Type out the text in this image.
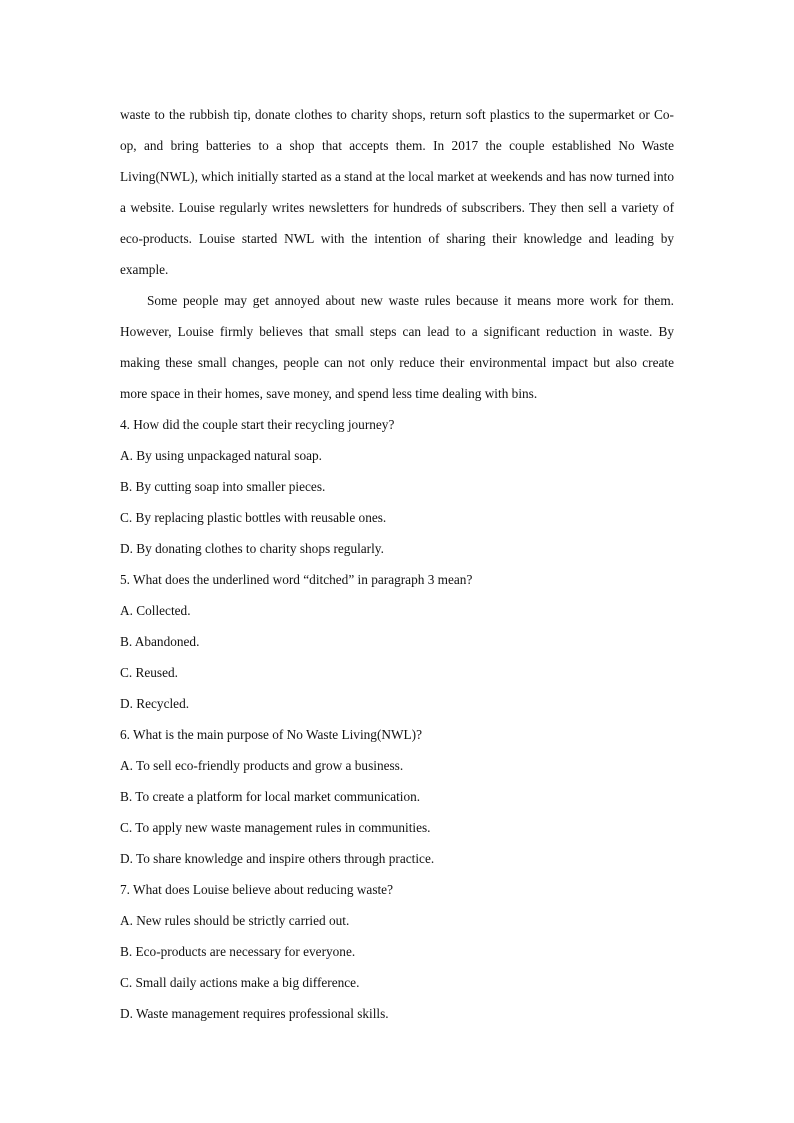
waste to the rubbish tip, donate clothes to charity shops, return soft plastics to the supermarket or Co-op, and bring batteries to a shop that accepts them. In 2017 the couple established No Waste Living(NWL), which initially started as a stand at the local market at weekends and has now turned into a website. Louise regularly writes newsletters for hundreds of subscribers. They then sell a variety of eco-products. Louise started NWL with the intention of sharing their knowledge and leading by example.

Some people may get annoyed about new waste rules because it means more work for them. However, Louise firmly believes that small steps can lead to a significant reduction in waste. By making these small changes, people can not only reduce their environmental impact but also create more space in their homes, save money, and spend less time dealing with bins.

4. How did the couple start their recycling journey?

A. By using unpackaged natural soap.

B. By cutting soap into smaller pieces.

C. By replacing plastic bottles with reusable ones.

D. By donating clothes to charity shops regularly.

5. What does the underlined word “ditched” in paragraph 3 mean?

A. Collected.

B. Abandoned.

C. Reused.

D. Recycled.

6. What is the main purpose of No Waste Living(NWL)?

A. To sell eco-friendly products and grow a business.

B. To create a platform for local market communication.

C. To apply new waste management rules in communities.

D. To share knowledge and inspire others through practice.

7. What does Louise believe about reducing waste?

A. New rules should be strictly carried out.

B. Eco-products are necessary for everyone.

C. Small daily actions make a big difference.

D. Waste management requires professional skills.
